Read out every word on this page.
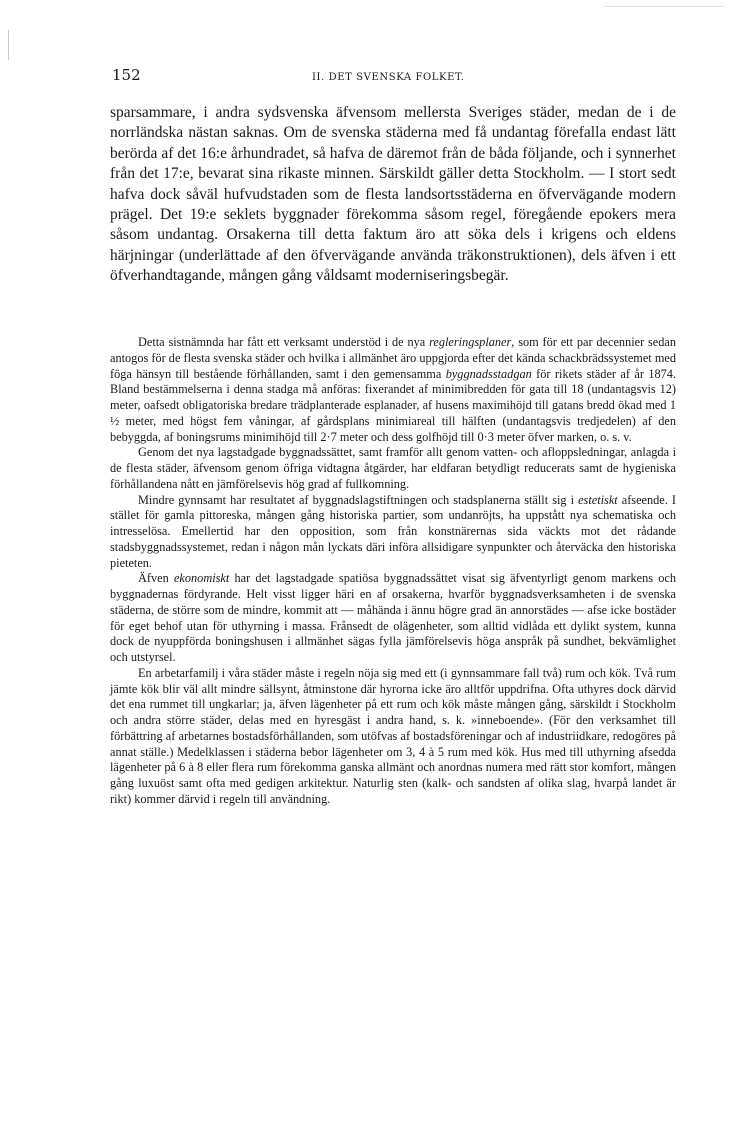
152	II. DET SVENSKA FOLKET.

sparsammare, i andra sydsvenska äfvensom mellersta Sveriges städer, medan de i de norrländska nästan saknas. Om de svenska städerna med få undantag förefalla endast lätt berörda af det 16:e århundradet, så hafva de däremot från de båda följande, och i synnerhet från det 17:e, bevarat sina rikaste minnen. Särskildt gäller detta Stockholm. — I stort sedt hafva dock såväl hufvudstaden som de flesta landsortsstäderna en öfvervägande modern prägel. Det 19:e seklets byggnader förekomma såsom regel, föregående epokers mera såsom undantag. Orsakerna till detta faktum äro att söka dels i krigens och eldens härjningar (underlättade af den öfvervägande använda träkonstruktionen), dels äfven i ett öfverhandtagande, mången gång våldsamt moderniseringsbegär.

Detta sistnämnda har fått ett verksamt understöd i de nya regleringsplaner, som för ett par decennier sedan antogos för de flesta svenska städer och hvilka i allmänhet äro uppgjorda efter det kända schackbrädssystemet med föga hänsyn till bestående förhållanden, samt i den gemensamma byggnadsstadgan för rikets städer af år 1874. Bland bestämmelserna i denna stadga må anföras: fixerandet af minimibredden för gata till 18 (undantagsvis 12) meter, oafsedt obligatoriska bredare trädplanterade esplanader, af husens maximihöjd till gatans bredd ökad med 1 ½ meter, med högst fem våningar, af gårdsplans minimiareal till hälften (undantagsvis tredjedelen) af den bebyggda, af boningsrums minimihöjd till 2·7 meter och dess golfhöjd till 0·3 meter öfver marken, o. s. v.

Genom det nya lagstadgade byggnadssättet, samt framför allt genom vatten- och afloppsledningar, anlagda i de flesta städer, äfvensom genom öfriga vidtagna åtgärder, har eldfaran betydligt reducerats samt de hygieniska förhållandena nått en jämförelsevis hög grad af fullkomning.

Mindre gynnsamt har resultatet af byggnadslagstiftningen och stadsplanerna ställt sig i estetiskt afseende. I stället för gamla pittoreska, mången gång historiska partier, som undanröjts, ha uppstått nya schematiska och intresselösa. Emellertid har den opposition, som från konstnärernas sida väckts mot det rådande stadsbyggnadssystemet, redan i någon mån lyckats däri införa allsidigare synpunkter och återväcka den historiska pieteten.

Äfven ekonomiskt har det lagstadgade spatiösa byggnadssättet visat sig äfventyrligt genom markens och byggnadernas fördyrande. Helt visst ligger häri en af orsakerna, hvarför byggnadsverksamheten i de svenska städerna, de större som de mindre, kommit att — måhända i ännu högre grad än annorstädes — afse icke bostäder för eget behof utan för uthyrning i massa. Frånsedt de olägenheter, som alltid vidlåda ett dylikt system, kunna dock de nyuppförda boningshusen i allmänhet sägas fylla jämförelsevis höga anspråk på sundhet, bekvämlighet och utstyrsel.

En arbetarfamilj i våra städer måste i regeln nöja sig med ett (i gynnsammare fall två) rum och kök. Två rum jämte kök blir väl allt mindre sällsynt, åtminstone där hyrorna icke äro alltför uppdrifna. Ofta uthyres dock därvid det ena rummet till ungkarlar; ja, äfven lägenheter på ett rum och kök måste mången gång, särskildt i Stockholm och andra större städer, delas med en hyresgäst i andra hand, s. k. »inneboende». (För den verksamhet till förbättring af arbetarnes bostadsförhållanden, som utöfvas af bostadsföreningar och af industriidkare, redogöres på annat ställe.) Medelklassen i städerna bebor lägenheter om 3, 4 à 5 rum med kök. Hus med till uthyrning afsedda lägenheter på 6 à 8 eller flera rum förekomma ganska allmänt och anordnas numera med rätt stor komfort, mången gång luxuöst samt ofta med gedigen arkitektur. Naturlig sten (kalk- och sandsten af olika slag, hvarpå landet är rikt) kommer därvid i regeln till användning.
